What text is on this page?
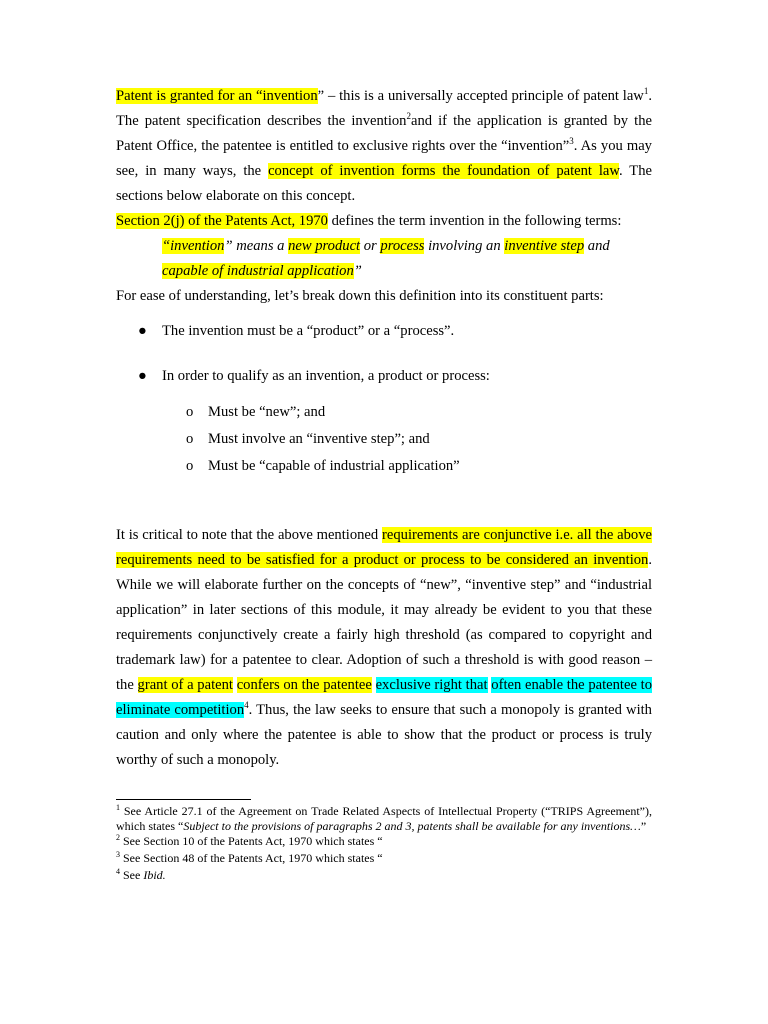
Patent is granted for an “invention” – this is a universally accepted principle of patent law$^1$. The patent specification describes the invention$^2$and if the application is granted by the Patent Office, the patentee is entitled to exclusive rights over the “invention”$^3$. As you may see, in many ways, the concept of invention forms the foundation of patent law. The sections below elaborate on this concept.

Section 2(j) of the Patents Act, 1970 defines the term invention in the following terms:

“invention” means a new product or process involving an inventive step and
capable of industrial application”

For ease of understanding, let’s break down this definition into its constituent parts:

● The invention must be a “product” or a “process”.
● In order to qualify as an invention, a product or process:
o Must be “new”; and
o Must involve an “inventive step”; and
o Must be “capable of industrial application”

It is critical to note that the above mentioned requirements are conjunctive i.e. all the above requirements need to be satisfied for a product or process to be considered an invention. While we will elaborate further on the concepts of “new”, “inventive step” and “industrial application” in later sections of this module, it may already be evident to you that these requirements conjunctively create a fairly high threshold (as compared to copyright and trademark law) for a patentee to clear. Adoption of such a threshold is with good reason – the grant of a patent confers on the patentee exclusive right that often enable the patentee to eliminate competition$^4$. Thus, the law seeks to ensure that such a monopoly is granted with caution and only where the patentee is able to show that the product or process is truly worthy of such a monopoly.

$^1$ See Article 27.1 of the Agreement on Trade Related Aspects of Intellectual Property (“TRIPS Agreement”), which states “Subject to the provisions of paragraphs 2 and 3, patents shall be available for any inventions…”

$^2$ See Section 10 of the Patents Act, 1970 which states “

$^3$ See Section 48 of the Patents Act, 1970 which states “

$^4$ See Ibid.
